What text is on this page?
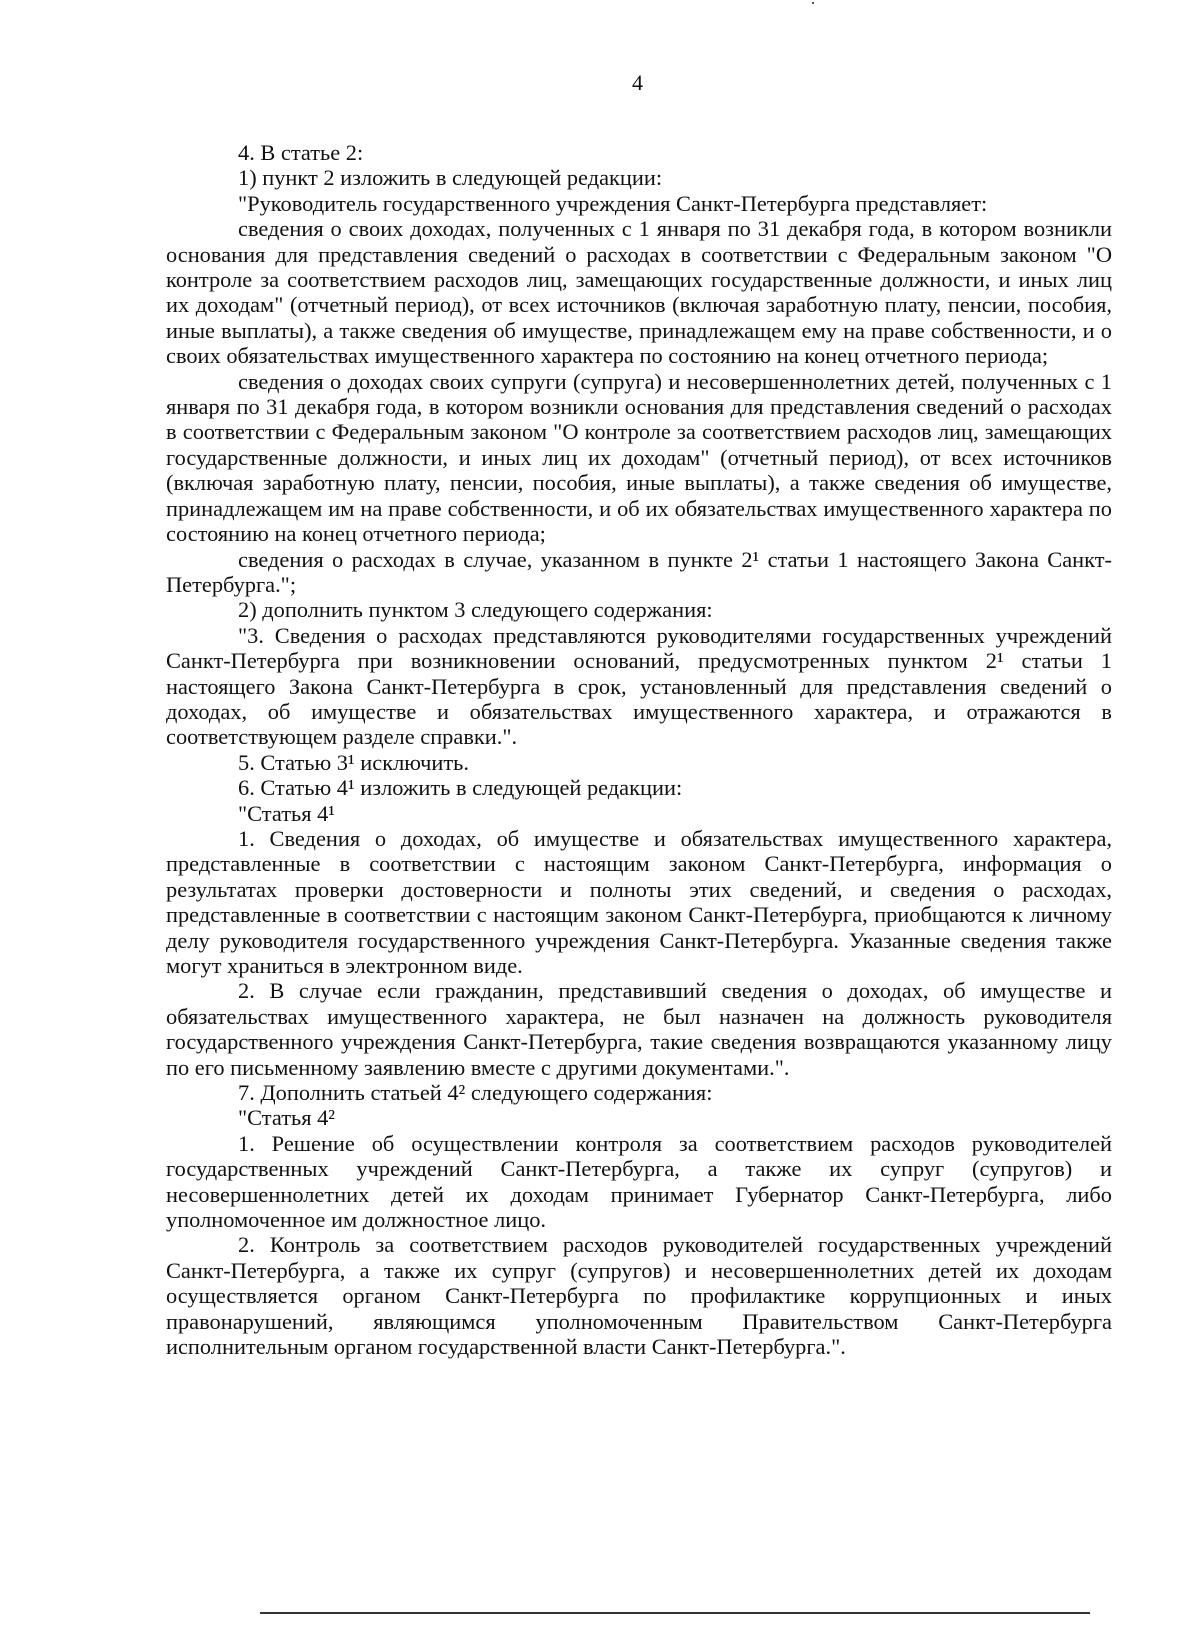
4

4. В статье 2:

1) пункт 2 изложить в следующей редакции:

"Руководитель государственного учреждения Санкт-Петербурга представляет:

сведения о своих доходах, полученных с 1 января по 31 декабря года, в котором возникли основания для представления сведений о расходах в соответствии с Федеральным законом "О контроле за соответствием расходов лиц, замещающих государственные должности, и иных лиц их доходам" (отчетный период), от всех источников (включая заработную плату, пенсии, пособия, иные выплаты), а также сведения об имуществе, принадлежащем ему на праве собственности, и о своих обязательствах имущественного характера по состоянию на конец отчетного периода;

сведения о доходах своих супруги (супруга) и несовершеннолетних детей, полученных с 1 января по 31 декабря года, в котором возникли основания для представления сведений о расходах в соответствии с Федеральным законом "О контроле за соответствием расходов лиц, замещающих государственные должности, и иных лиц их доходам" (отчетный период), от всех источников (включая заработную плату, пенсии, пособия, иные выплаты), а также сведения об имуществе, принадлежащем им на праве собственности, и об их обязательствах имущественного характера по состоянию на конец отчетного периода;

сведения о расходах в случае, указанном в пункте 2¹ статьи 1 настоящего Закона Санкт-Петербурга.";

2) дополнить пунктом 3 следующего содержания:

"3. Сведения о расходах представляются руководителями государственных учреждений Санкт-Петербурга при возникновении оснований, предусмотренных пунктом 2¹ статьи 1 настоящего Закона Санкт-Петербурга в срок, установленный для представления сведений о доходах, об имуществе и обязательствах имущественного характера, и отражаются в соответствующем разделе справки.".

5. Статью 3¹ исключить.

6. Статью 4¹ изложить в следующей редакции:

"Статья 4¹

1. Сведения о доходах, об имуществе и обязательствах имущественного характера, представленные в соответствии с настоящим законом Санкт-Петербурга, информация о результатах проверки достоверности и полноты этих сведений, и сведения о расходах, представленные в соответствии с настоящим законом Санкт-Петербурга, приобщаются к личному делу руководителя государственного учреждения Санкт-Петербурга. Указанные сведения также могут храниться в электронном виде.

2. В случае если гражданин, представивший сведения о доходах, об имуществе и обязательствах имущественного характера, не был назначен на должность руководителя государственного учреждения Санкт-Петербурга, такие сведения возвращаются указанному лицу по его письменному заявлению вместе с другими документами.".

7. Дополнить статьей 4² следующего содержания:

"Статья 4²

1. Решение об осуществлении контроля за соответствием расходов руководителей государственных учреждений Санкт-Петербурга, а также их супруг (супругов) и несовершеннолетних детей их доходам принимает Губернатор Санкт-Петербурга, либо уполномоченное им должностное лицо.

2. Контроль за соответствием расходов руководителей государственных учреждений Санкт-Петербурга, а также их супруг (супругов) и несовершеннолетних детей их доходам осуществляется органом Санкт-Петербурга по профилактике коррупционных и иных правонарушений, являющимся уполномоченным Правительством Санкт-Петербурга исполнительным органом государственной власти Санкт-Петербурга.".
